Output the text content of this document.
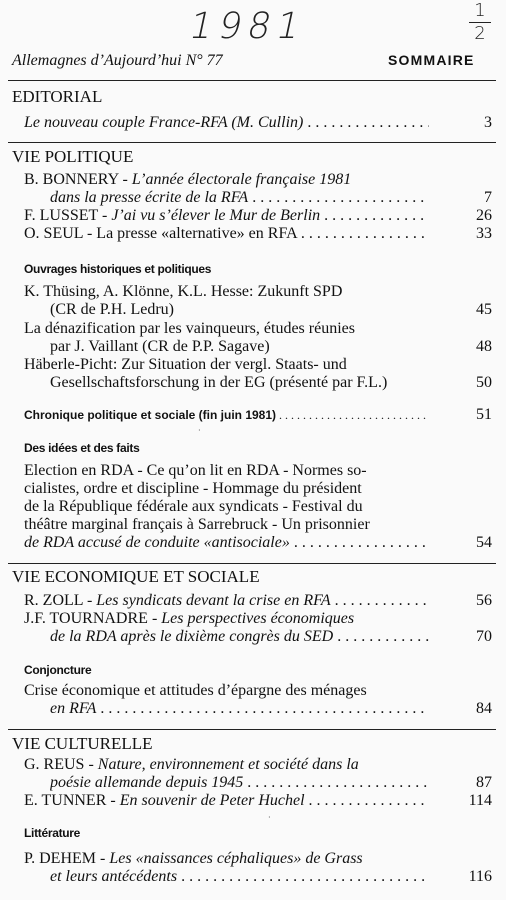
1981	1
2
Allemagnes d’Aujourd’hui N° 77	SOMMAIRE
EDITORIAL
Le nouveau couple France-RFA (M. Cullin) . . .	3
VIE POLITIQUE
B. BONNERY - L’année électorale française 1981
dans la presse écrite de la RFA . . .	7
F. LUSSET - J’ai vu s’élever le Mur de Berlin . . .	26
O. SEUL - La presse «alternative» en RFA . . .	33
Ouvrages historiques et politiques
K. Thüsing, A. Klönne, K.L. Hesse: Zukunft SPD
(CR de P.H. Ledru)	45
La dénazification par les vainqueurs, études réunies
par J. Vaillant (CR de P.P. Sagave)	48
Häberle-Picht: Zur Situation der vergl. Staats- und
Gesellschaftsforschung in der EG (présenté par F.L.)	50
Chronique politique et sociale (fin juin 1981) . . .	51
·
Des idées et des faits
Election en RDA - Ce qu’on lit en RDA - Normes so-
cialistes, ordre et discipline - Hommage du président
de la République fédérale aux syndicats - Festival du
théâtre marginal français à Sarrebruck - Un prisonnier
de RDA accusé de conduite «antisociale» . . .	54
VIE ECONOMIQUE ET SOCIALE
R. ZOLL - Les syndicats devant la crise en RFA . . .	56
J.F. TOURNADRE - Les perspectives économiques
de la RDA après le dixième congrès du SED . . .	70
Conjoncture
Crise économique et attitudes d’épargne des ménages
en RFA . . .	84
VIE CULTURELLE
G. REUS - Nature, environnement et société dans la
poésie allemande depuis 1945 . . .	87
E. TUNNER - En souvenir de Peter Huchel . . .	114
·
Littérature
P. DEHEM - Les «naissances céphaliques» de Grass
et leurs antécédents . . .	116
